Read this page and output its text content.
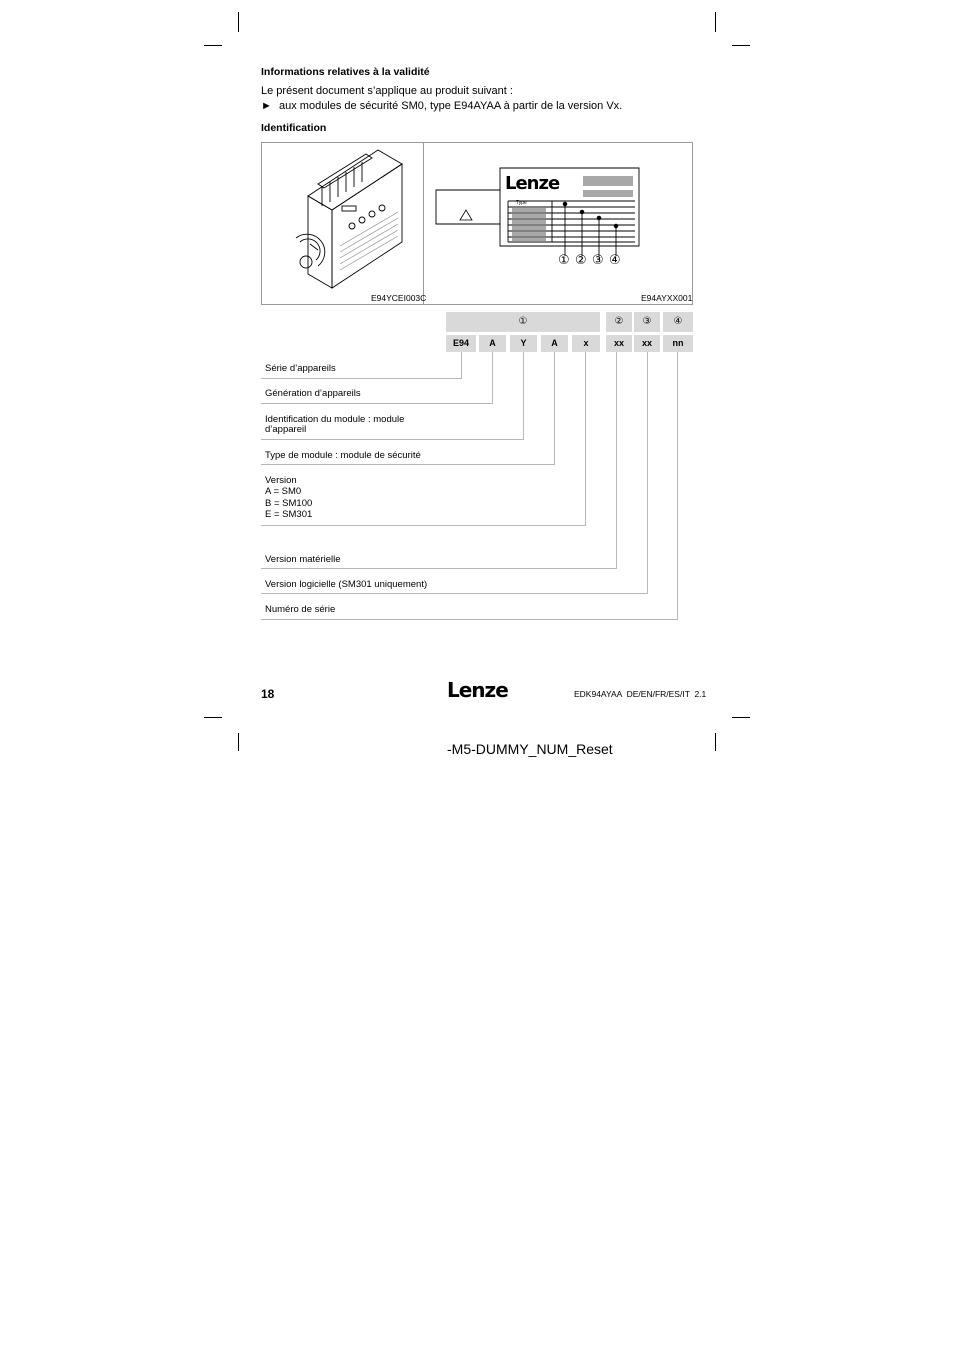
Informations relatives à la validité
Le présent document s’applique au produit suivant :
► aux modules de sécurité SM0, type E94AYAA à partir de la version Vx.
Identification
E94YCEI003C
Lenze
Type
① ② ③ ④
E94AYXX001
①	②	③	④
E94	A	Y	A	x	xx	xx	nn
Série d’appareils
Génération d’appareils
Identification du module : module
d’appareil
Type de module : module de sécurité
Version
A = SM0
B = SM100
E = SM301
Version matérielle
Version logicielle (SM301 uniquement)
Numéro de série
18	Lenze	EDK94AYAA  DE/EN/FR/ES/IT  2.1
-M5-DUMMY_NUM_Reset
